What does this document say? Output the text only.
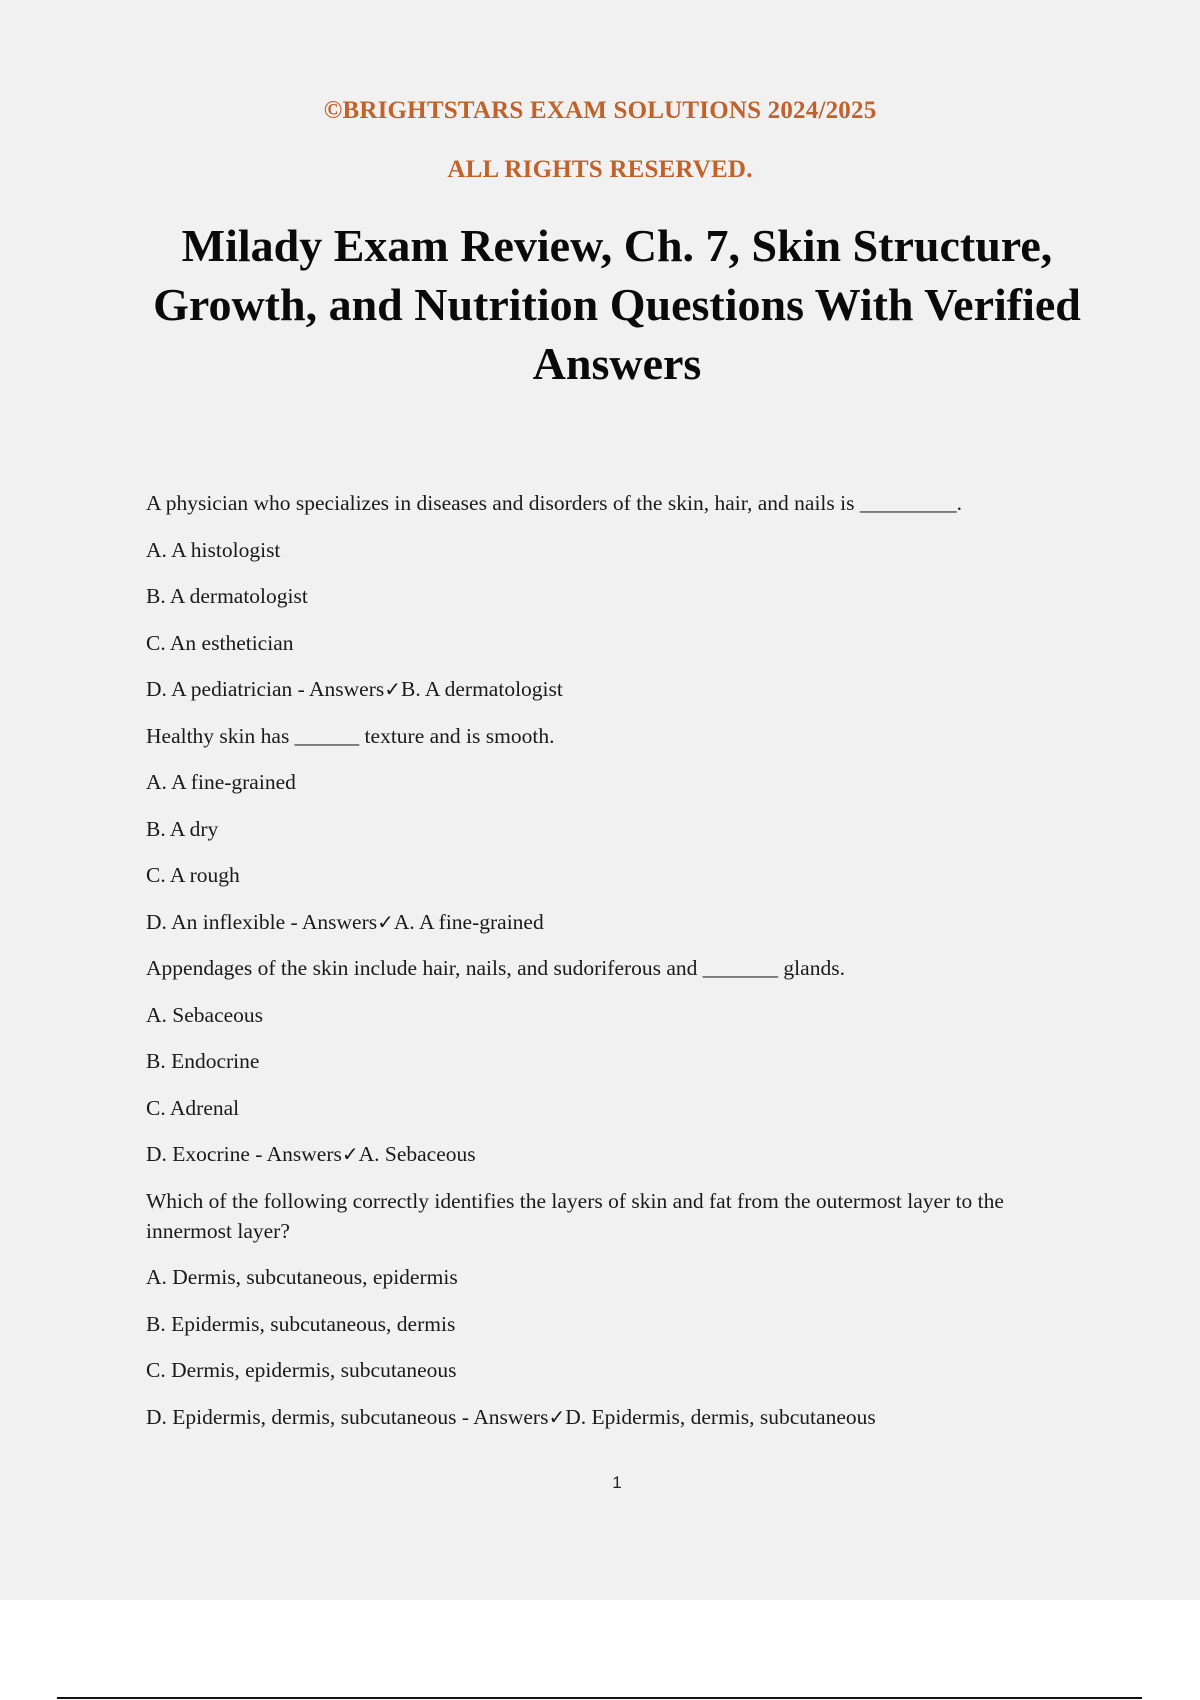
©BRIGHTSTARS EXAM SOLUTIONS 2024/2025
ALL RIGHTS RESERVED.
Milady Exam Review, Ch. 7, Skin Structure, Growth, and Nutrition Questions With Verified Answers
A physician who specializes in diseases and disorders of the skin, hair, and nails is _________.
A. A histologist
B. A dermatologist
C. An esthetician
D. A pediatrician - Answers✓B. A dermatologist
Healthy skin has ______ texture and is smooth.
A. A fine-grained
B. A dry
C. A rough
D. An inflexible - Answers✓A. A fine-grained
Appendages of the skin include hair, nails, and sudoriferous and _______ glands.
A. Sebaceous
B. Endocrine
C. Adrenal
D. Exocrine - Answers✓A. Sebaceous
Which of the following correctly identifies the layers of skin and fat from the outermost layer to the innermost layer?
A. Dermis, subcutaneous, epidermis
B. Epidermis, subcutaneous, dermis
C. Dermis, epidermis, subcutaneous
D. Epidermis, dermis, subcutaneous - Answers✓D. Epidermis, dermis, subcutaneous
1
